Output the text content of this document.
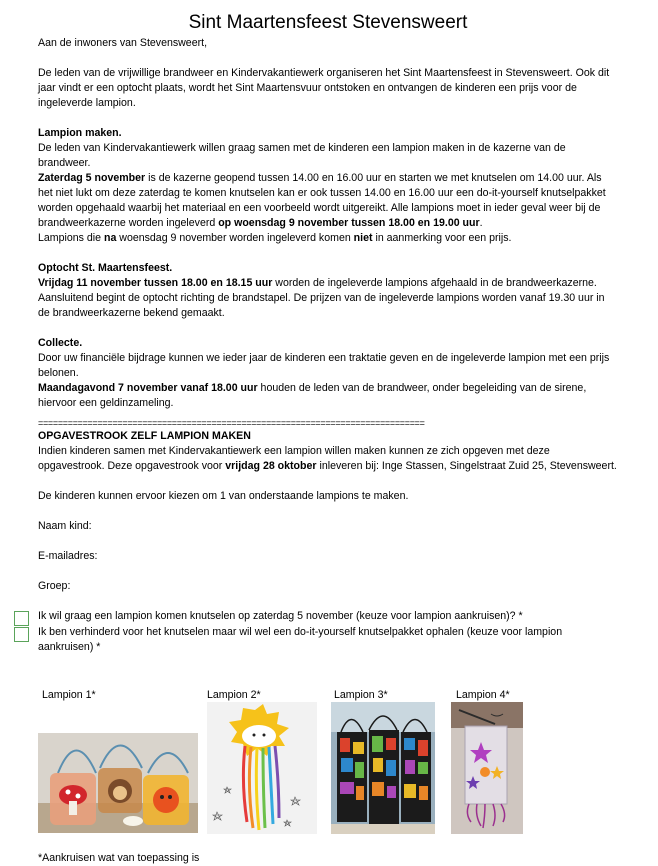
Sint Maartensfeest Stevensweert

Aan de inwoners van Stevensweert,

De leden van de vrijwillige brandweer en Kindervakantiewerk organiseren het Sint Maartensfeest in Stevensweert. Ook dit jaar vindt er een optocht plaats, wordt het Sint Maartensvuur ontstoken en ontvangen de kinderen een prijs voor de ingeleverde lampion.

Lampion maken.

De leden van Kindervakantiewerk willen graag samen met de kinderen een lampion maken in de kazerne van de brandweer.

Zaterdag 5 november is de kazerne geopend tussen 14.00 en 16.00 uur en starten we met knutselen om 14.00 uur. Als het niet lukt om deze zaterdag te komen knutselen kan er ook tussen 14.00 en 16.00 uur een do-it-yourself knutselpakket worden opgehaald waarbij het materiaal en een voorbeeld wordt uitgereikt. Alle lampions moet in ieder geval weer bij de brandweerkazerne worden ingeleverd op woensdag 9 november tussen 18.00 en 19.00 uur.

Lampions die na woensdag 9 november worden ingeleverd komen niet in aanmerking voor een prijs.

Optocht St. Maartensfeest.

Vrijdag 11 november tussen 18.00 en 18.15 uur worden de ingeleverde lampions afgehaald in de brandweerkazerne. Aansluitend begint de optocht richting de brandstapel. De prijzen van de ingeleverde lampions worden vanaf 19.30 uur in de brandweerkazerne bekend gemaakt.

Collecte.

Door uw financiële bijdrage kunnen we ieder jaar de kinderen een traktatie geven en de ingeleverde lampion met een prijs belonen.

Maandagavond 7 november vanaf 18.00 uur houden de leden van de brandweer, onder begeleiding van de sirene, hiervoor een geldinzameling.

==============================================================================

OPGAVESTROOK ZELF LAMPION MAKEN

Indien kinderen samen met Kindervakantiewerk een lampion willen maken kunnen ze zich opgeven met deze opgavestrook. Deze opgavestrook voor vrijdag 28 oktober inleveren bij: Inge Stassen, Singelstraat Zuid 25, Stevensweert.

De kinderen kunnen ervoor kiezen om 1 van onderstaande lampions te maken.

Naam kind:
E-mailadres:
Groep:

Ik wil graag een lampion komen knutselen op zaterdag 5 november (keuze voor lampion aankruisen)? *

Ik ben verhinderd voor het knutselen maar wil wel een do-it-yourself knutselpakket ophalen (keuze voor lampion aankruisen) *

Lampion 1*	Lampion 2*	Lampion 3*	Lampion 4*
*Aankruisen wat van toepassing is
